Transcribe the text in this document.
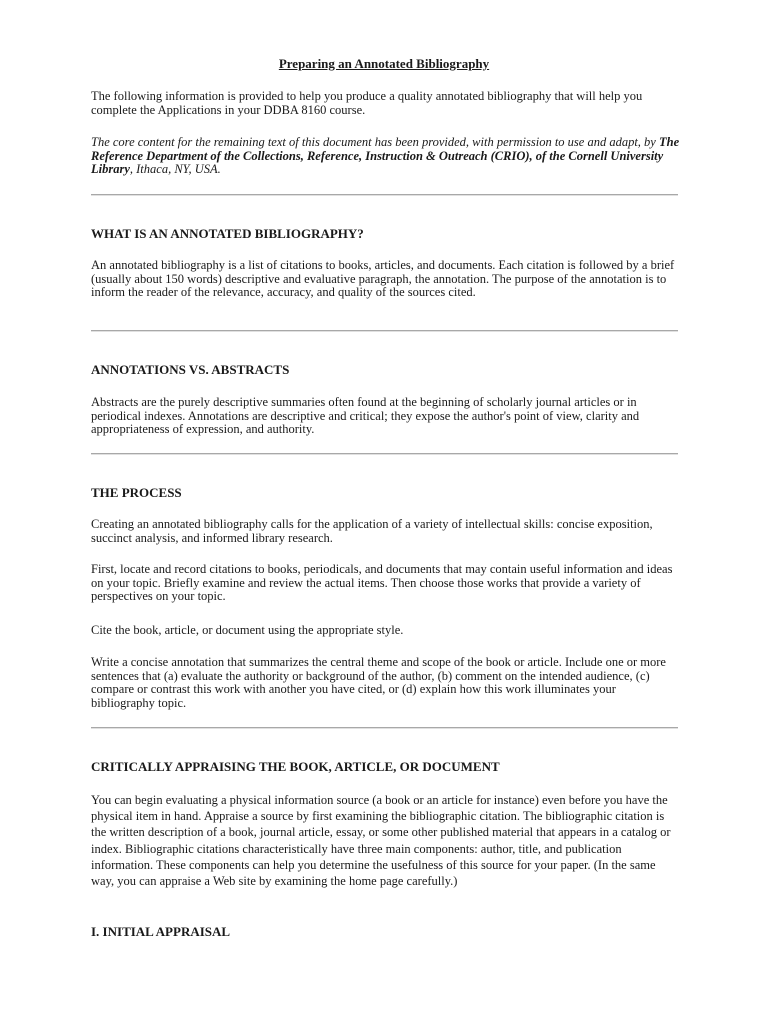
Preparing an Annotated Bibliography

The following information is provided to help you produce a quality annotated bibliography that will help you complete the Applications in your DDBA 8160 course.

The core content for the remaining text of this document has been provided, with permission to use and adapt, by The Reference Department of the Collections, Reference, Instruction & Outreach (CRIO), of the Cornell University Library, Ithaca, NY, USA.

WHAT IS AN ANNOTATED BIBLIOGRAPHY?

An annotated bibliography is a list of citations to books, articles, and documents. Each citation is followed by a brief (usually about 150 words) descriptive and evaluative paragraph, the annotation. The purpose of the annotation is to inform the reader of the relevance, accuracy, and quality of the sources cited.

ANNOTATIONS VS. ABSTRACTS

Abstracts are the purely descriptive summaries often found at the beginning of scholarly journal articles or in periodical indexes. Annotations are descriptive and critical; they expose the author's point of view, clarity and appropriateness of expression, and authority.

THE PROCESS

Creating an annotated bibliography calls for the application of a variety of intellectual skills: concise exposition, succinct analysis, and informed library research.

First, locate and record citations to books, periodicals, and documents that may contain useful information and ideas on your topic. Briefly examine and review the actual items. Then choose those works that provide a variety of perspectives on your topic.

Cite the book, article, or document using the appropriate style.

Write a concise annotation that summarizes the central theme and scope of the book or article. Include one or more sentences that (a) evaluate the authority or background of the author, (b) comment on the intended audience, (c) compare or contrast this work with another you have cited, or (d) explain how this work illuminates your bibliography topic.

CRITICALLY APPRAISING THE BOOK, ARTICLE, OR DOCUMENT

You can begin evaluating a physical information source (a book or an article for instance) even before you have the physical item in hand. Appraise a source by first examining the bibliographic citation. The bibliographic citation is the written description of a book, journal article, essay, or some other published material that appears in a catalog or index. Bibliographic citations characteristically have three main components: author, title, and publication information. These components can help you determine the usefulness of this source for your paper. (In the same way, you can appraise a Web site by examining the home page carefully.)

I. INITIAL APPRAISAL
